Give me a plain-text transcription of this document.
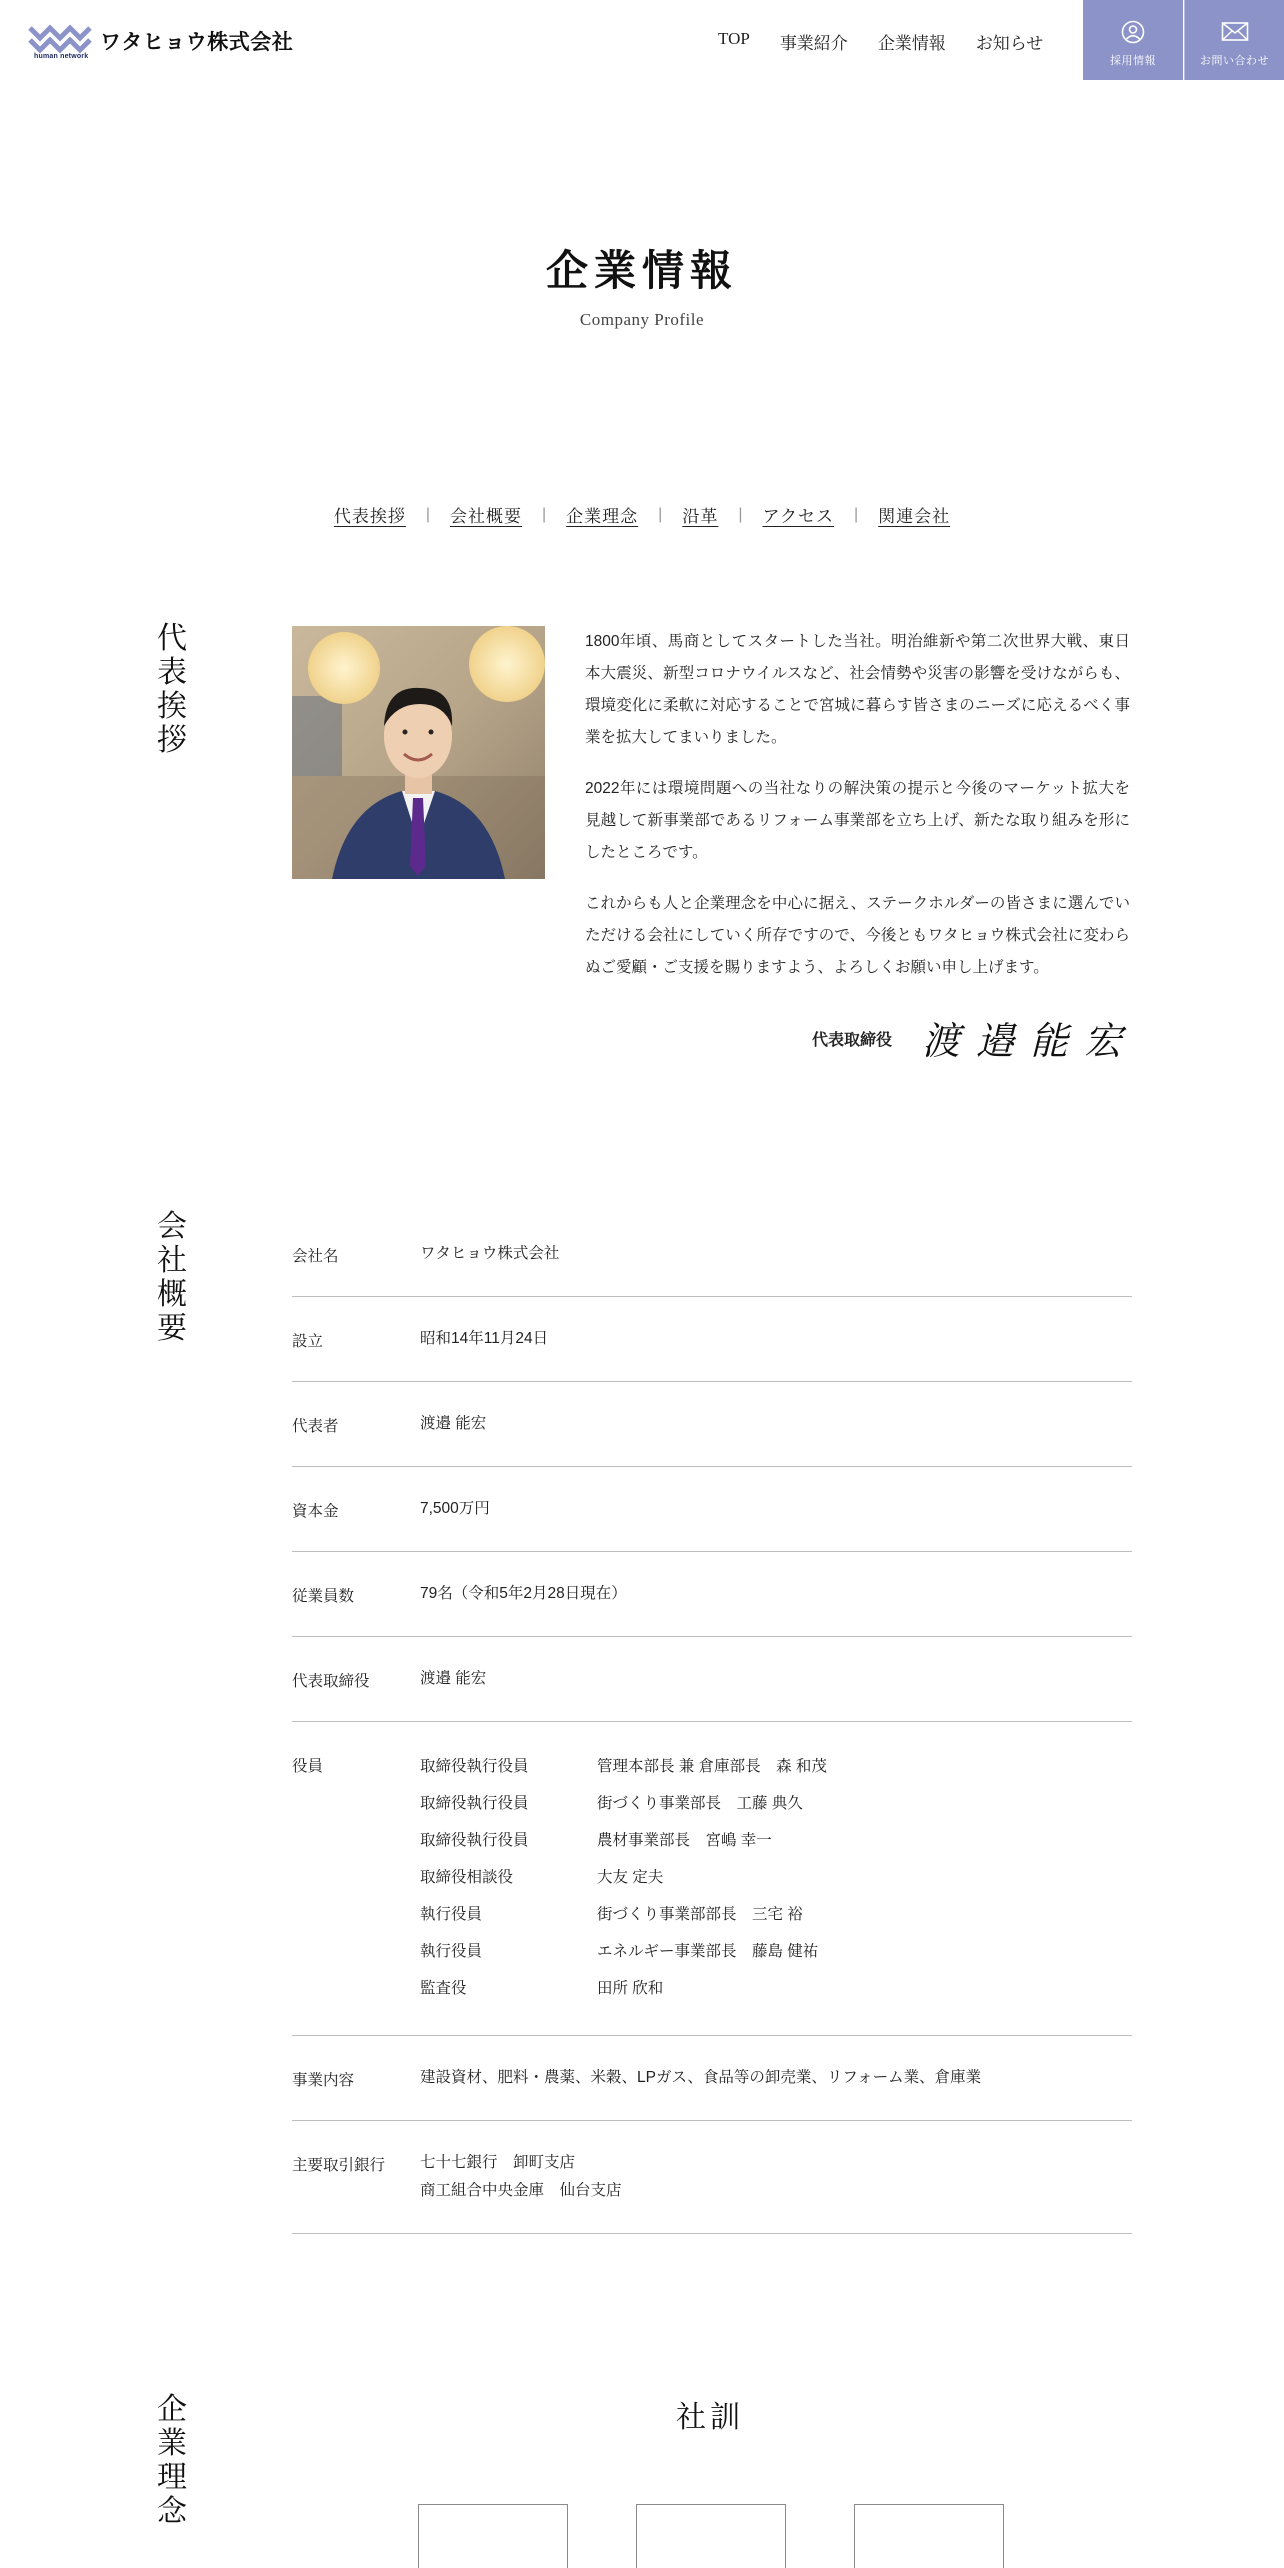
human network
ワタヒョウ株式会社	TOP 事業紹介 企業情報 お知らせ
採用情報	お問い合わせ
企業情報
Company Profile
代表挨拶 | 会社概要 | 企業理念 | 沿革 | アクセス | 関連会社
代
表
挨
拶

1800年頃、馬商としてスタートした当社。明治維新や第二次世界大戦、東日本大震災、新型コロナウイルスなど、社会情勢や災害の影響を受けながらも、環境変化に柔軟に対応することで宮城に暮らす皆さまのニーズに応えるべく事業を拡大してまいりました。

2022年には環境問題への当社なりの解決策の提示と今後のマーケット拡大を見越して新事業部であるリフォーム事業部を立ち上げ、新たな取り組みを形にしたところです。

これからも人と企業理念を中心に据え、ステークホルダーの皆さまに選んでいただける会社にしていく所存ですので、今後ともワタヒョウ株式会社に変わらぬご愛顧・ご支援を賜りますよう、よろしくお願い申し上げます。

代表取締役 渡邉能宏
会
社
概
要
会社名	ワタヒョウ株式会社
設立	昭和14年11月24日
代表者	渡邉 能宏
資本金	7,500万円
従業員数	79名（令和5年2月28日現在）
代表取締役	渡邉 能宏
役員	取締役執行役員	管理本部長 兼 倉庫部長　森 和茂
取締役執行役員	街づくり事業部長　工藤 典久
取締役執行役員	農材事業部長　宮嶋 幸一
取締役相談役	大友 定夫
執行役員	街づくり事業部部長　三宅 裕
執行役員	エネルギー事業部長　藤島 健祐
監査役	田所 欣和
事業内容	建設資材、肥料・農薬、米穀、LPガス、食品等の卸売業、リフォーム業、倉庫業
主要取引銀行 七十七銀行　卸町支店
商工組合中央金庫　仙台支店
企
業
理
念
社訓
